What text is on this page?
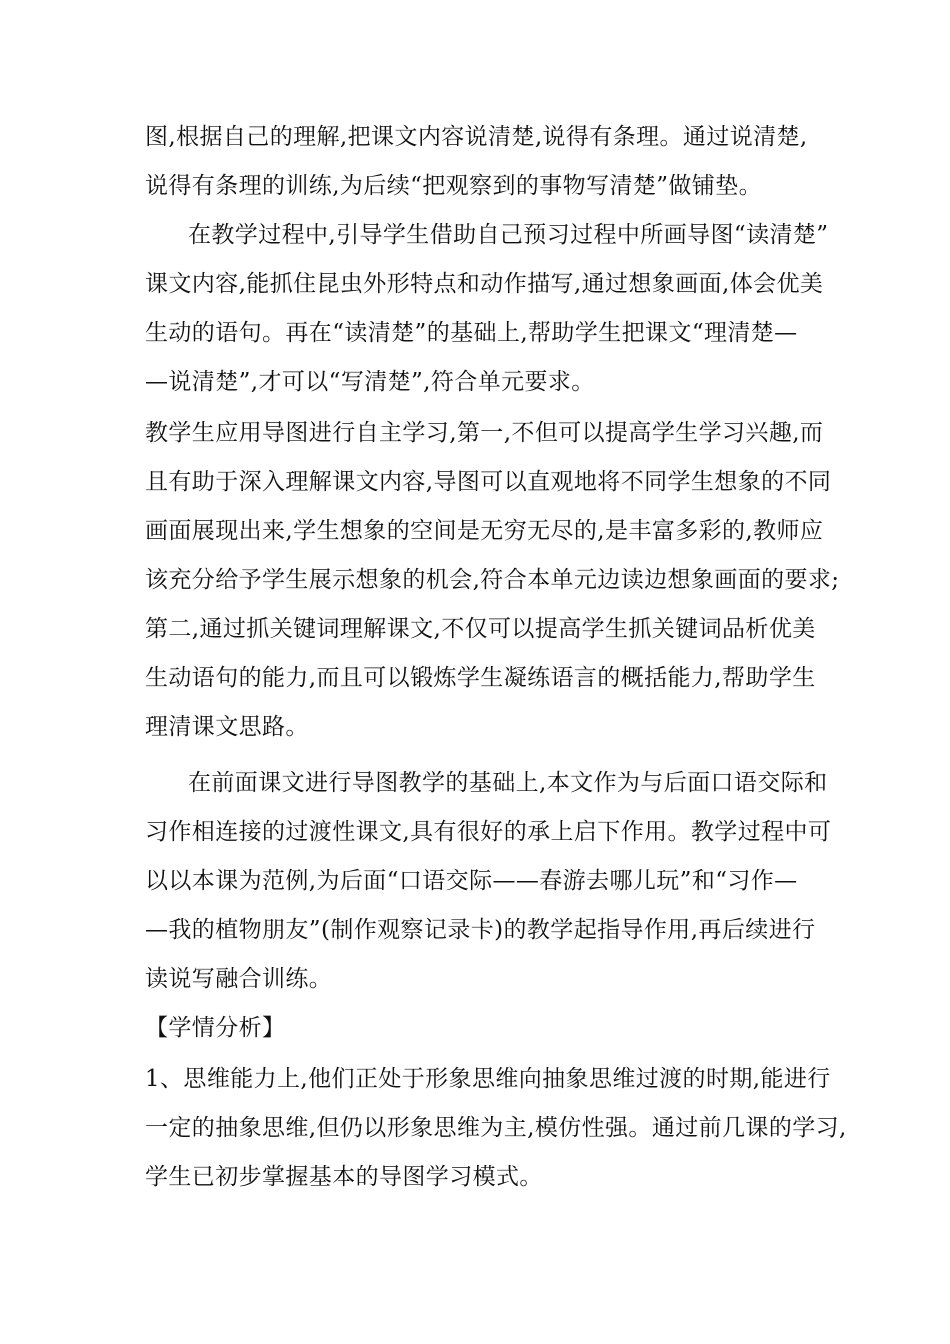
图,根据自己的理解,把课文内容说清楚,说得有条理。通过说清楚,
说得有条理的训练,为后续“把观察到的事物写清楚”做铺垫。
在教学过程中,引导学生借助自己预习过程中所画导图“读清楚”
课文内容,能抓住昆虫外形特点和动作描写,通过想象画面,体会优美
生动的语句。再在“读清楚”的基础上,帮助学生把课文“理清楚—
—说清楚”,才可以“写清楚”,符合单元要求。
教学生应用导图进行自主学习,第一,不但可以提高学生学习兴趣,而
且有助于深入理解课文内容,导图可以直观地将不同学生想象的不同
画面展现出来,学生想象的空间是无穷无尽的,是丰富多彩的,教师应
该充分给予学生展示想象的机会,符合本单元边读边想象画面的要求;
第二,通过抓关键词理解课文,不仅可以提高学生抓关键词品析优美
生动语句的能力,而且可以锻炼学生凝练语言的概括能力,帮助学生
理清课文思路。
在前面课文进行导图教学的基础上,本文作为与后面口语交际和
习作相连接的过渡性课文,具有很好的承上启下作用。教学过程中可
以以本课为范例,为后面“口语交际——春游去哪儿玩”和“习作—
—我的植物朋友”(制作观察记录卡)的教学起指导作用,再后续进行
读说写融合训练。
【学情分析】
1、思维能力上,他们正处于形象思维向抽象思维过渡的时期,能进行
一定的抽象思维,但仍以形象思维为主,模仿性强。通过前几课的学习,
学生已初步掌握基本的导图学习模式。
